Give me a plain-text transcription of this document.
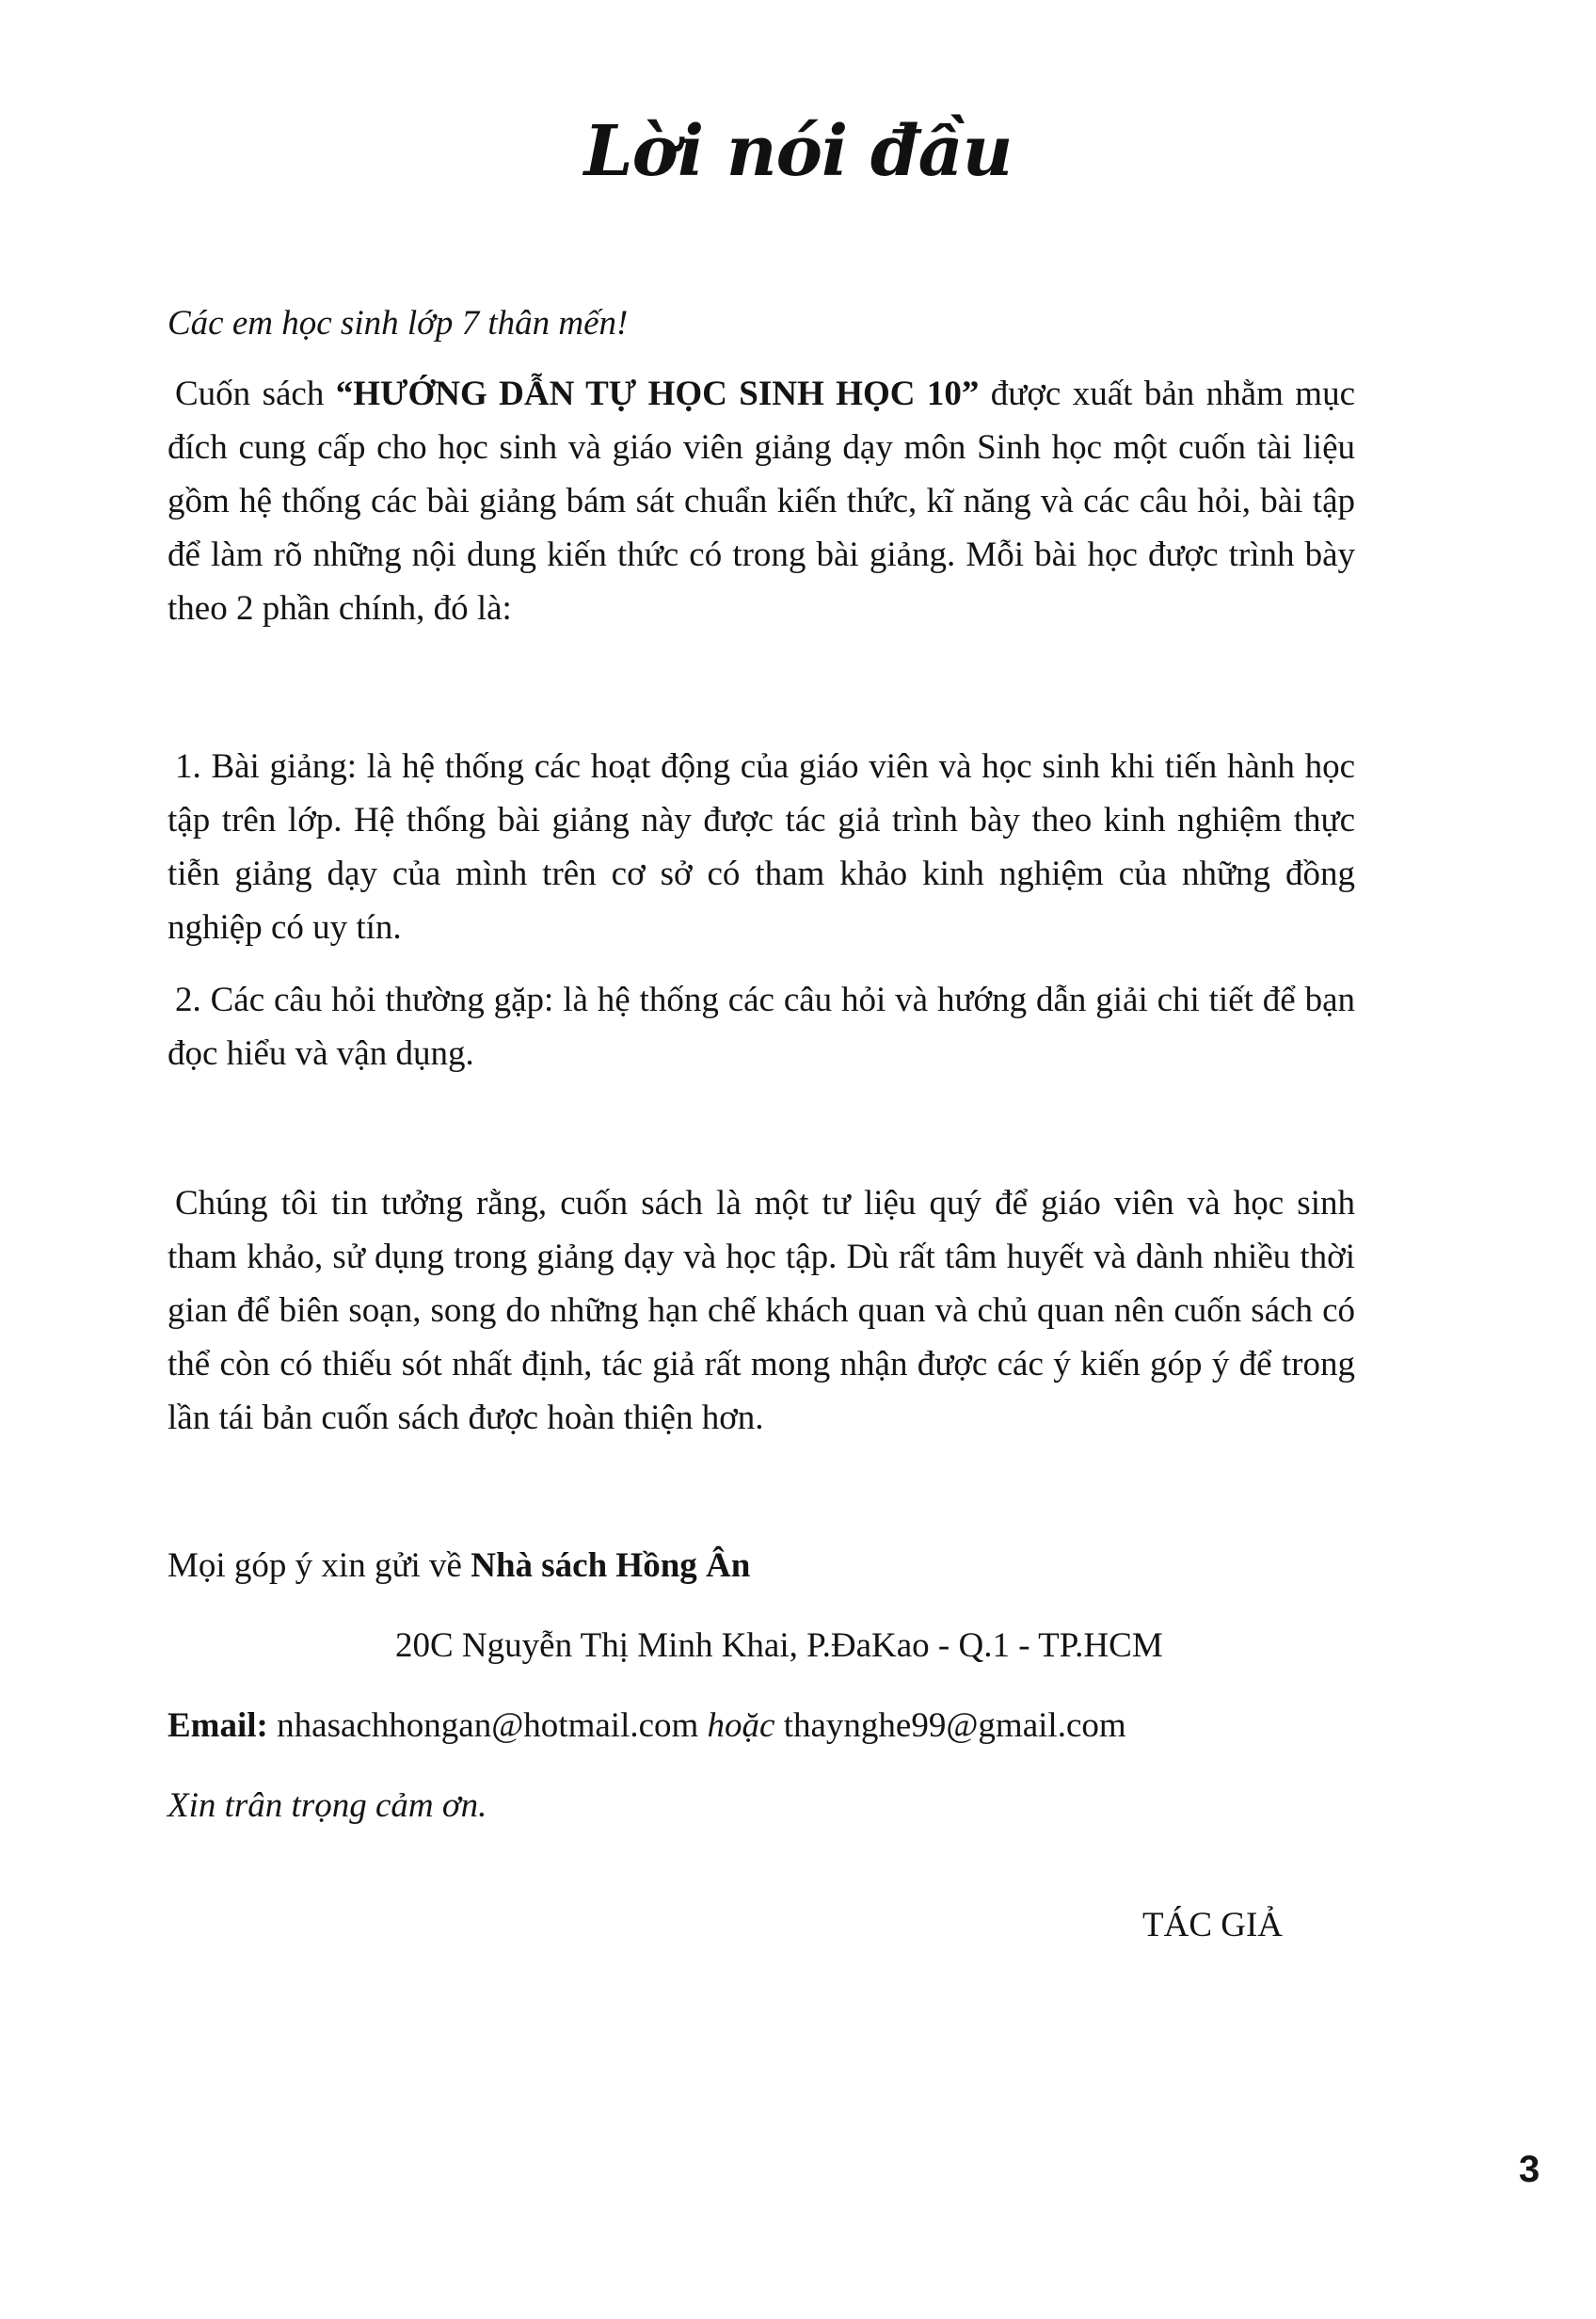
Lời nói đầu

Các em học sinh lớp 7 thân mến!

Cuốn sách “HƯỚNG DẪN TỰ HỌC SINH HỌC 10” được xuất bản nhằm mục đích cung cấp cho học sinh và giáo viên giảng dạy môn Sinh học một cuốn tài liệu gồm hệ thống các bài giảng bám sát chuẩn kiến thức, kĩ năng và các câu hỏi, bài tập để làm rõ những nội dung kiến thức có trong bài giảng. Mỗi bài học được trình bày theo 2 phần chính, đó là:

1. Bài giảng: là hệ thống các hoạt động của giáo viên và học sinh khi tiến hành học tập trên lớp. Hệ thống bài giảng này được tác giả trình bày theo kinh nghiệm thực tiễn giảng dạy của mình trên cơ sở có tham khảo kinh nghiệm của những đồng nghiệp có uy tín.

2. Các câu hỏi thường gặp: là hệ thống các câu hỏi và hướng dẫn giải chi tiết để bạn đọc hiểu và vận dụng.

Chúng tôi tin tưởng rằng, cuốn sách là một tư liệu quý để giáo viên và học sinh tham khảo, sử dụng trong giảng dạy và học tập. Dù rất tâm huyết và dành nhiều thời gian để biên soạn, song do những hạn chế khách quan và chủ quan nên cuốn sách có thể còn có thiếu sót nhất định, tác giả rất mong nhận được các ý kiến góp ý để trong lần tái bản cuốn sách được hoàn thiện hơn.

Mọi góp ý xin gửi về Nhà sách Hồng Ân

20C Nguyễn Thị Minh Khai, P.ĐaKao - Q.1 - TP.HCM

Email: nhasachhongan@hotmail.com hoặc thaynghe99@gmail.com

Xin trân trọng cảm ơn.

TÁC GIẢ

3
